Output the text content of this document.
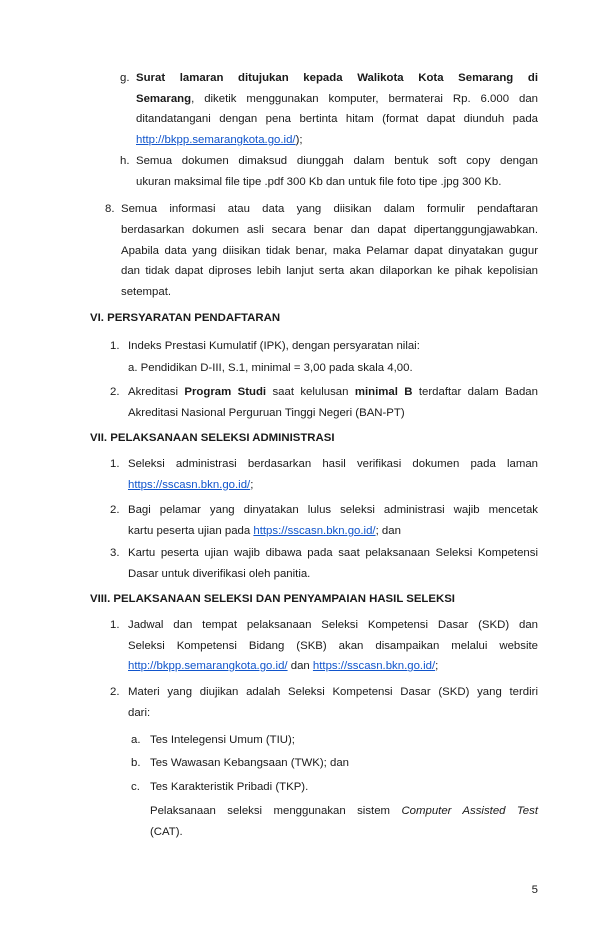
g. Surat lamaran ditujukan kepada Walikota Kota Semarang di
Semarang, diketik menggunakan komputer, bermaterai Rp. 6.000 dan
ditandatangani dengan pena bertinta hitam (format dapat diunduh pada
http://bkpp.semarangkota.go.id/);
h. Semua dokumen dimaksud diunggah dalam bentuk soft copy dengan
ukuran maksimal file tipe .pdf 300 Kb dan untuk file foto tipe .jpg 300 Kb.
8. Semua informasi atau data yang diisikan dalam formulir pendaftaran
berdasarkan dokumen asli secara benar dan dapat dipertanggungjawabkan.
Apabila data yang diisikan tidak benar, maka Pelamar dapat dinyatakan gugur
dan tidak dapat diproses lebih lanjut serta akan dilaporkan ke pihak kepolisian
setempat.
VI. PERSYARATAN PENDAFTARAN
1. Indeks Prestasi Kumulatif (IPK), dengan persyaratan nilai:
a. Pendidikan D-III, S.1, minimal = 3,00 pada skala 4,00.
2. Akreditasi Program Studi saat kelulusan minimal B terdaftar dalam Badan
Akreditasi Nasional Perguruan Tinggi Negeri (BAN-PT)
VII. PELAKSANAAN SELEKSI ADMINISTRASI
1. Seleksi administrasi berdasarkan hasil verifikasi dokumen pada laman
https://sscasn.bkn.go.id/;
2. Bagi pelamar yang dinyatakan lulus seleksi administrasi wajib mencetak
kartu peserta ujian pada https://sscasn.bkn.go.id/; dan
3. Kartu peserta ujian wajib dibawa pada saat pelaksanaan Seleksi Kompetensi
Dasar untuk diverifikasi oleh panitia.
VIII. PELAKSANAAN SELEKSI DAN PENYAMPAIAN HASIL SELEKSI
1. Jadwal dan tempat pelaksanaan Seleksi Kompetensi Dasar (SKD) dan
Seleksi Kompetensi Bidang (SKB) akan disampaikan melalui website
http://bkpp.semarangkota.go.id/ dan https://sscasn.bkn.go.id/;
2. Materi yang diujikan adalah Seleksi Kompetensi Dasar (SKD) yang terdiri
dari:
a. Tes Intelegensi Umum (TIU);
b. Tes Wawasan Kebangsaan (TWK); dan
c. Tes Karakteristik Pribadi (TKP).
Pelaksanaan seleksi menggunakan sistem Computer Assisted Test
(CAT).
5
